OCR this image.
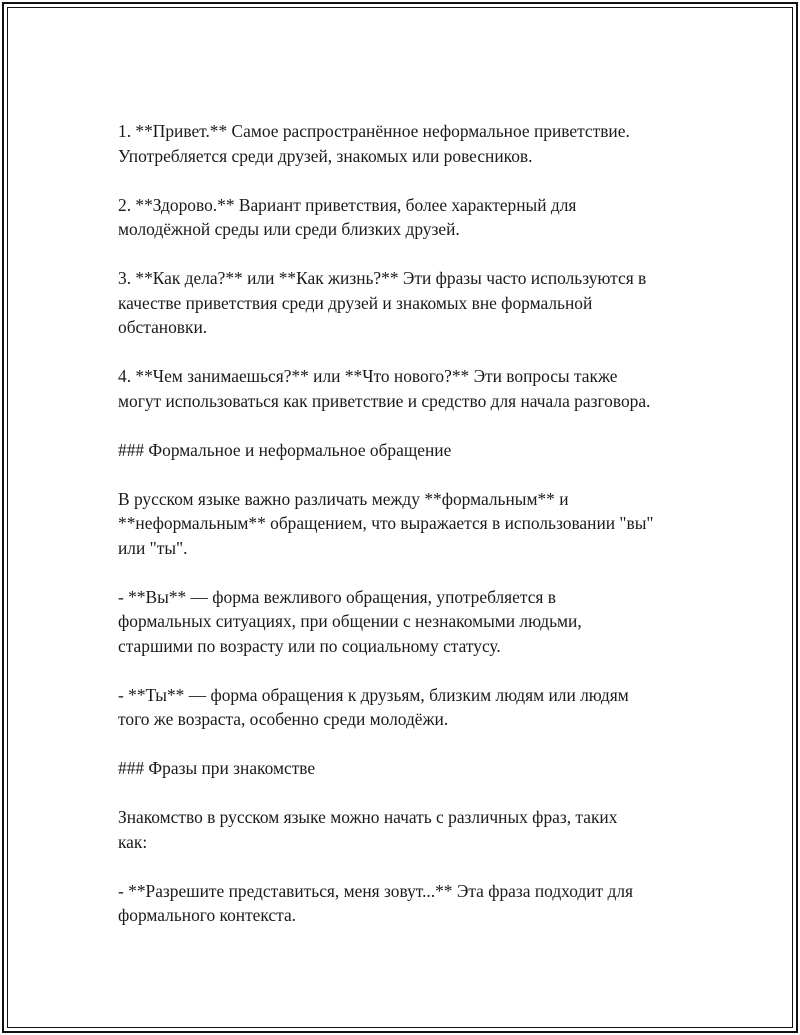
1. **Привет.** Самое распространённое неформальное приветствие.
Употребляется среди друзей, знакомых или ровесников.

2. **Здорово.** Вариант приветствия, более характерный для
молодёжной среды или среди близких друзей.

3. **Как дела?** или **Как жизнь?** Эти фразы часто используются в
качестве приветствия среди друзей и знакомых вне формальной
обстановки.

4. **Чем занимаешься?** или **Что нового?** Эти вопросы также
могут использоваться как приветствие и средство для начала разговора.

### Формальное и неформальное обращение

В русском языке важно различать между **формальным** и
**неформальным** обращением, что выражается в использовании "вы"
или "ты".

- **Вы** — форма вежливого обращения, употребляется в
формальных ситуациях, при общении с незнакомыми людьми,
старшими по возрасту или по социальному статусу.

- **Ты** — форма обращения к друзьям, близким людям или людям
того же возраста, особенно среди молодёжи.

### Фразы при знакомстве

Знакомство в русском языке можно начать с различных фраз, таких
как:

- **Разрешите представиться, меня зовут...** Эта фраза подходит для
формального контекста.
